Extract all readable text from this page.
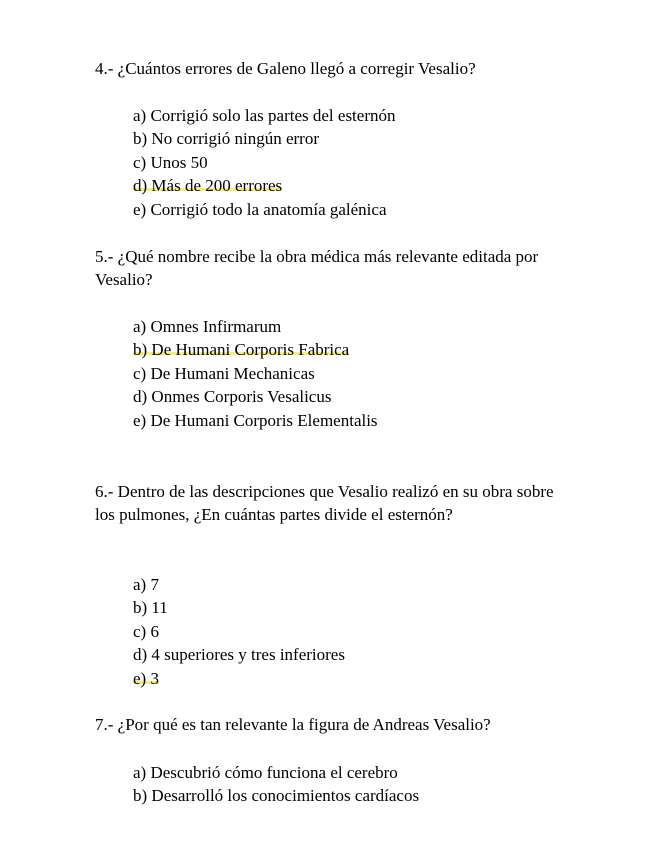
4.- ¿Cuántos errores de Galeno llegó a corregir Vesalio?

a) Corrigió solo las partes del esternón
b) No corrigió ningún error
c) Unos 50
d) Más de 200 errores
e) Corrigió todo la anatomía galénica

5.- ¿Qué nombre recibe la obra médica más relevante editada por Vesalio?

a) Omnes Infirmarum
b) De Humani Corporis Fabrica
c) De Humani Mechanicas
d) Onmes Corporis Vesalicus
e) De Humani Corporis Elementalis

6.- Dentro de las descripciones que Vesalio realizó en su obra sobre los pulmones, ¿En cuántas partes divide el esternón?

a) 7
b) 11
c) 6
d) 4 superiores y tres inferiores
e) 3

7.- ¿Por qué es tan relevante la figura de Andreas Vesalio?

a) Descubrió cómo funciona el cerebro
b) Desarrolló los conocimientos cardíacos
